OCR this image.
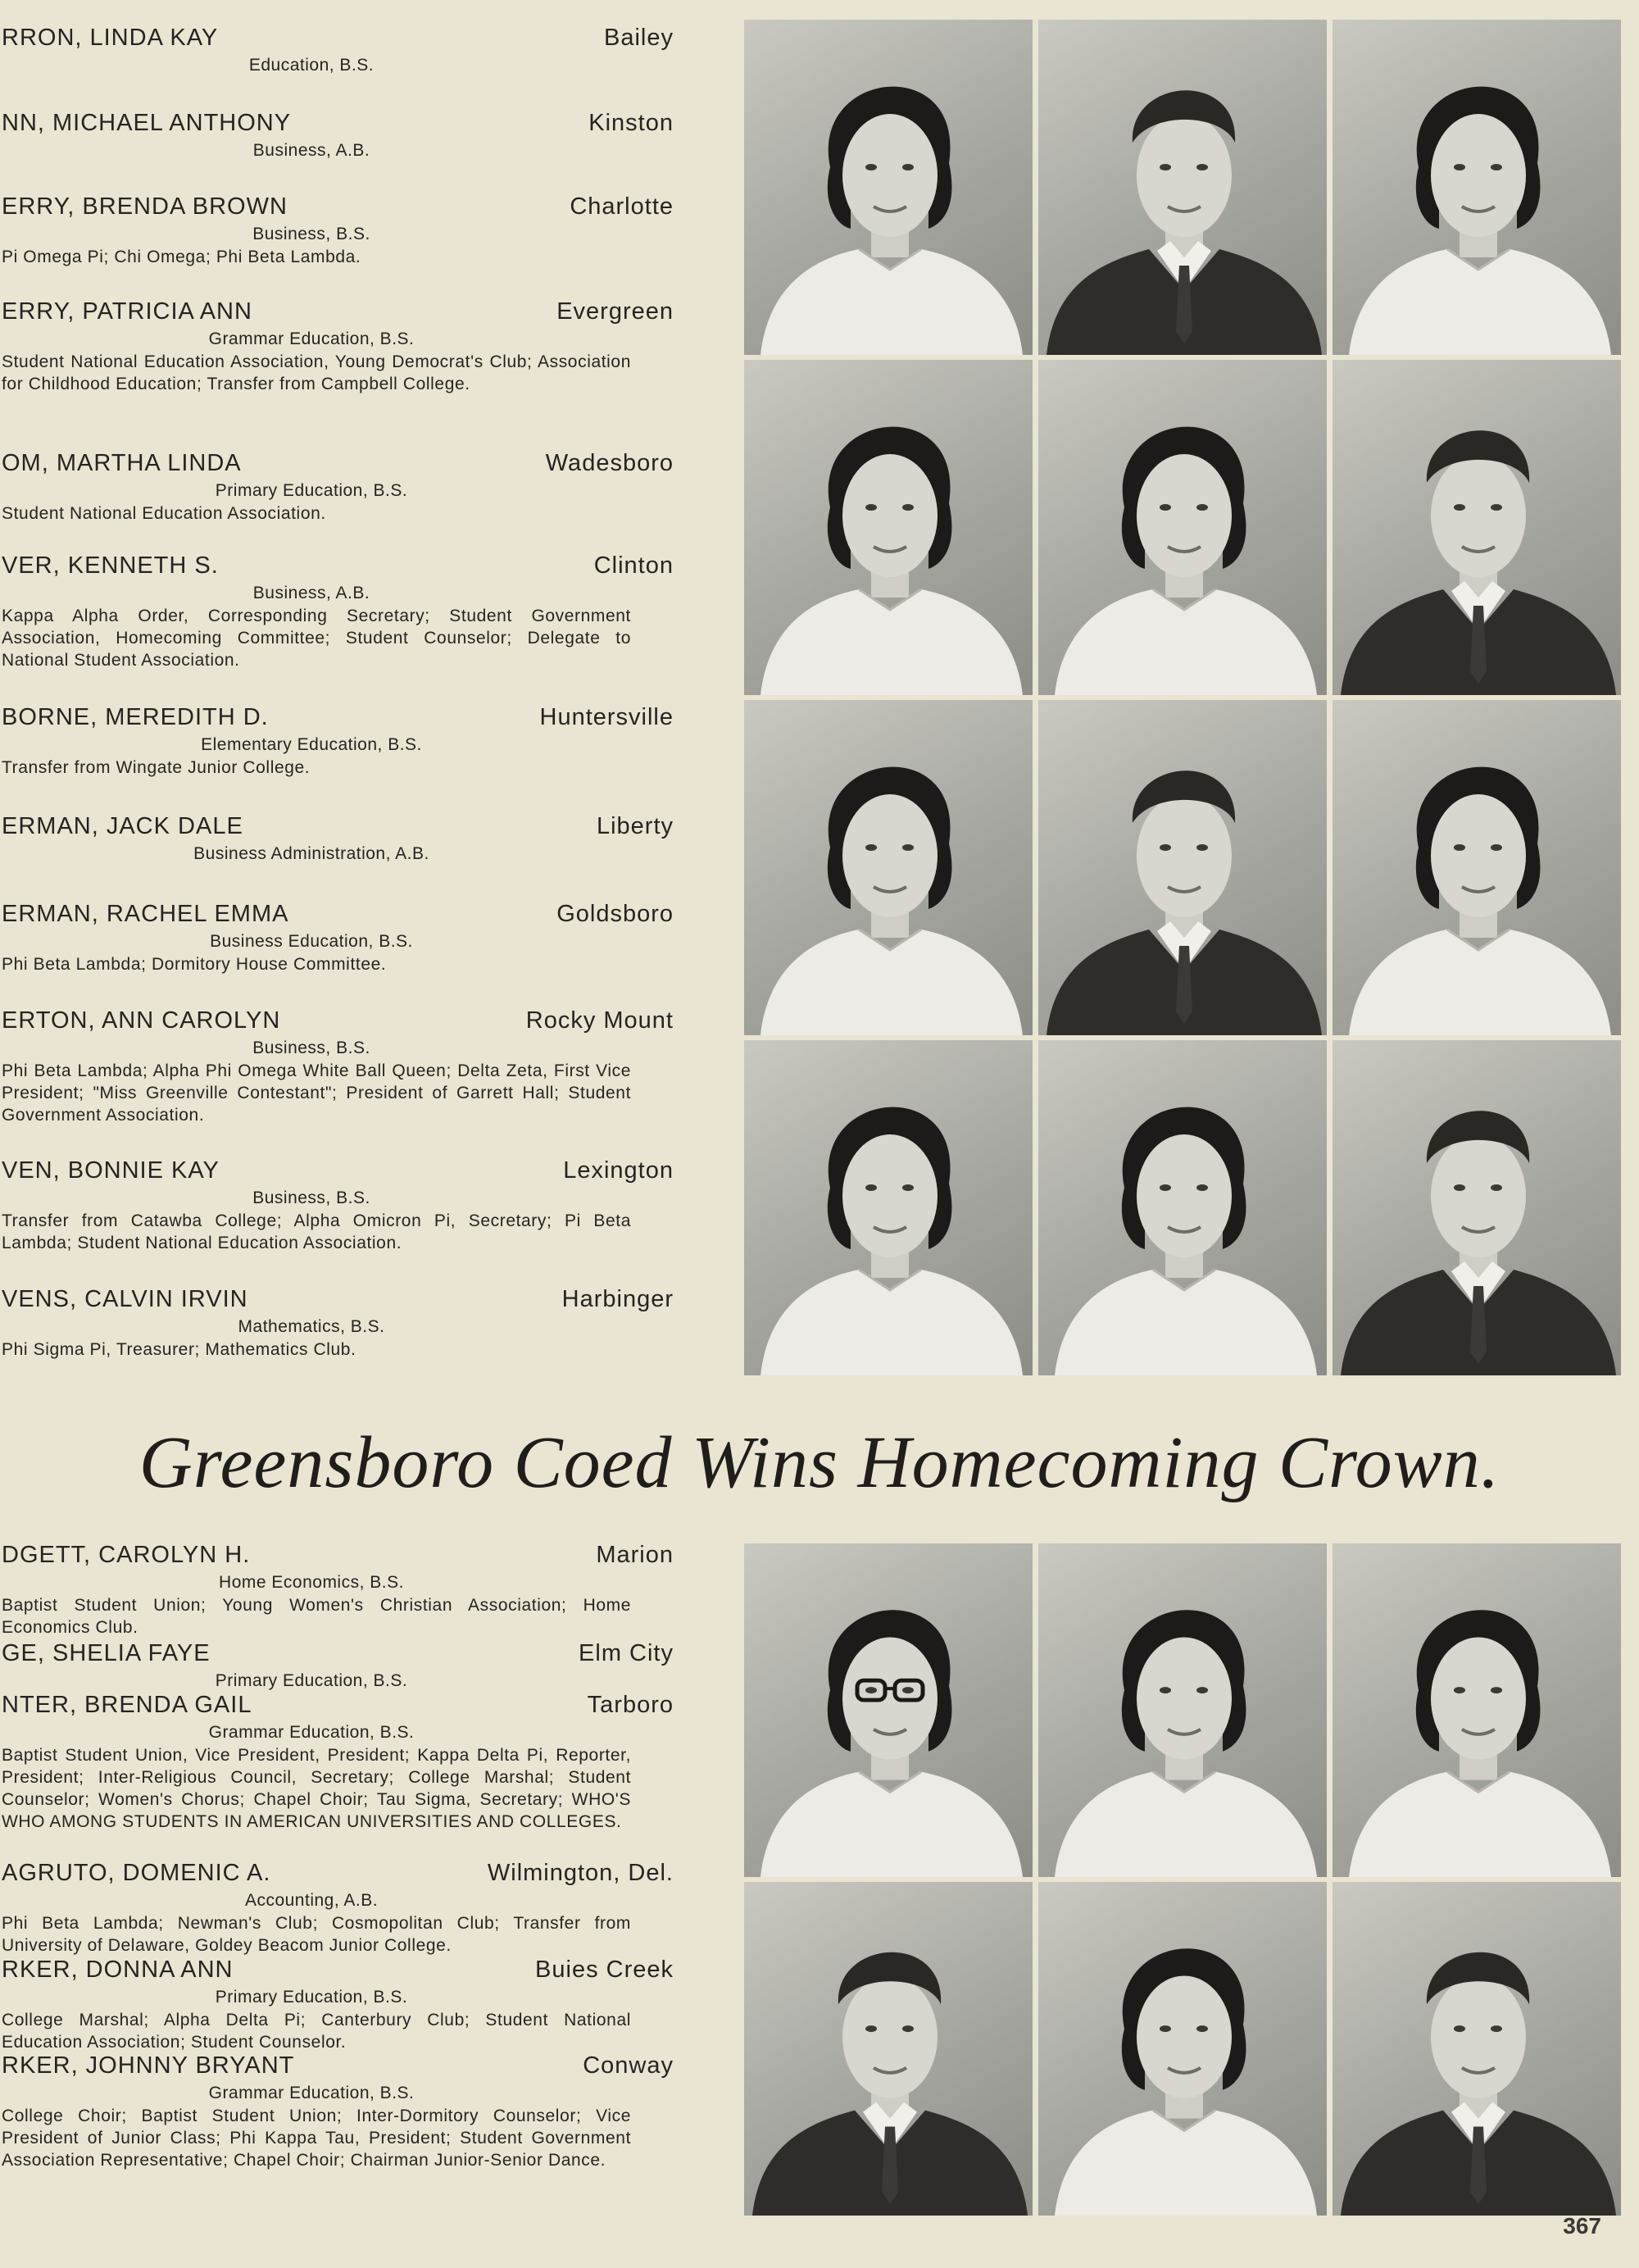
RRON, LINDA KAY	Bailey
Education, B.S.
NN, MICHAEL ANTHONY	Kinston
Business, A.B.
ERRY, BRENDA BROWN	Charlotte
Business, B.S.
Pi Omega Pi; Chi Omega; Phi Beta Lambda.
ERRY, PATRICIA ANN	Evergreen
Grammar Education, B.S.
Student National Education Association, Young Democrat's Club; Association for Childhood Education; Transfer from Campbell College.
OM, MARTHA LINDA	Wadesboro
Primary Education, B.S.
Student National Education Association.
VER, KENNETH S.	Clinton
Business, A.B.
Kappa Alpha Order, Corresponding Secretary; Student Government Association, Homecoming Committee; Student Counselor; Delegate to National Student Association.
BORNE, MEREDITH D.	Huntersville
Elementary Education, B.S.
Transfer from Wingate Junior College.
ERMAN, JACK DALE	Liberty
Business Administration, A.B.
ERMAN, RACHEL EMMA	Goldsboro
Business Education, B.S.
Phi Beta Lambda; Dormitory House Committee.
ERTON, ANN CAROLYN	Rocky Mount
Business, B.S.
Phi Beta Lambda; Alpha Phi Omega White Ball Queen; Delta Zeta, First Vice President; "Miss Greenville Contestant"; President of Garrett Hall; Student Government Association.
VEN, BONNIE KAY	Lexington
Business, B.S.
Transfer from Catawba College; Alpha Omicron Pi, Secretary; Pi Beta Lambda; Student National Education Association.
VENS, CALVIN IRVIN	Harbinger
Mathematics, B.S.
Phi Sigma Pi, Treasurer; Mathematics Club.
Greensboro Coed Wins Homecoming Crown.
DGETT, CAROLYN H.	Marion
Home Economics, B.S.
Baptist Student Union; Young Women's Christian Association; Home Economics Club.
GE, SHELIA FAYE	Elm City
Primary Education, B.S.
NTER, BRENDA GAIL	Tarboro
Grammar Education, B.S.
Baptist Student Union, Vice President, President; Kappa Delta Pi, Reporter, President; Inter-Religious Council, Secretary; College Marshal; Student Counselor; Women's Chorus; Chapel Choir; Tau Sigma, Secretary; WHO'S WHO AMONG STUDENTS IN AMERICAN UNIVERSITIES AND COLLEGES.
AGRUTO, DOMENIC A.	Wilmington, Del.
Accounting, A.B.
Phi Beta Lambda; Newman's Club; Cosmopolitan Club; Transfer from University of Delaware, Goldey Beacom Junior College.
RKER, DONNA ANN	Buies Creek
Primary Education, B.S.
College Marshal; Alpha Delta Pi; Canterbury Club; Student National Education Association; Student Counselor.
RKER, JOHNNY BRYANT	Conway
Grammar Education, B.S.
College Choir; Baptist Student Union; Inter-Dormitory Counselor; Vice President of Junior Class; Phi Kappa Tau, President; Student Government Association Representative; Chapel Choir; Chairman Junior-Senior Dance.
367
